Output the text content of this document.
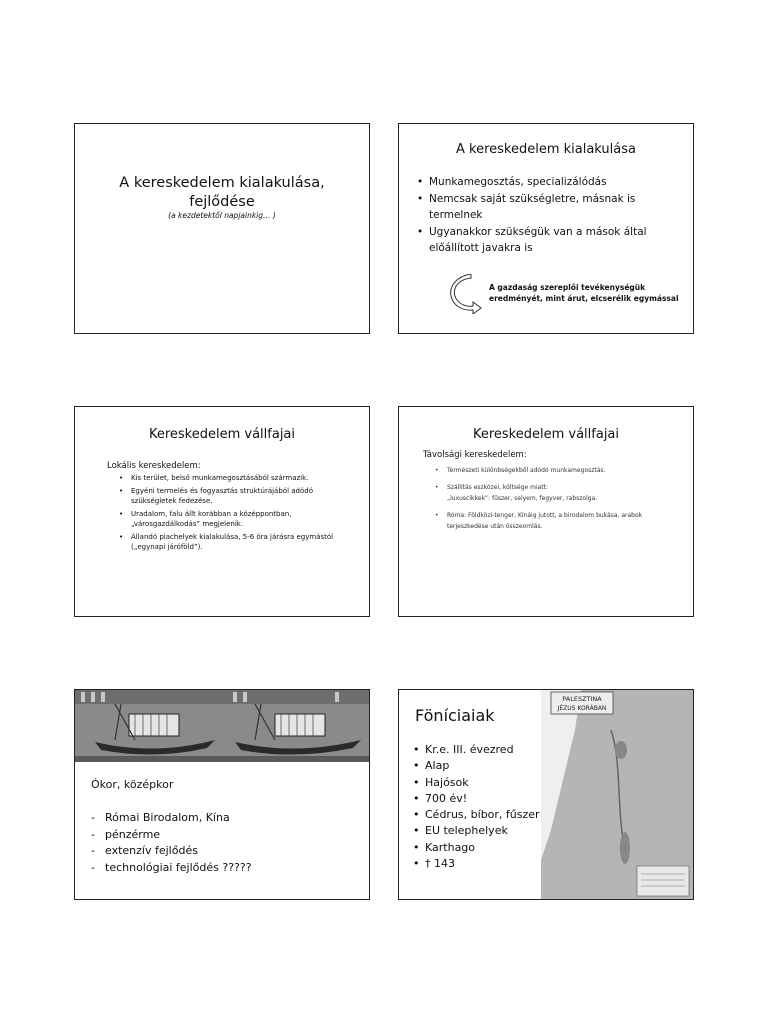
A kereskedelem kialakulása,
fejlődése
(a kezdetektől napjainkig… )
A kereskedelem kialakulása
• Munkamegosztás, specializálódás
• Nemcsak saját szükségletre, másnak is termelnek
• Ugyanakkor szükségük van a mások által előállított javakra is
A gazdaság szereplői tevékenységük eredményét, mint árut, elcserélik egymással
Kereskedelem vállfajai
Lokális kereskedelem:
• Kis terület, belső munkamegosztásából származik.
• Egyéni termelés és fogyasztás struktúrájából adódó szükségletek fedezése.
• Uradalom, falu állt korábban a középpontban, „városgazdálkodás” megjelenik.
• Állandó piachelyek kialakulása, 5-6 óra járásra egymástól („egynapi járóföld”).
Kereskedelem vállfajai
Távolsági kereskedelem:
• Természeti különbségekből adódó munkamegosztás.
• Szállítás eszközei, költsége miatt:
„luxuscikkek”: fűszer, selyem, fegyver, rabszolga.
• Róma: Földközi-tenger, Kínáig jutott, a birodalom bukása, arabok
terjeszkedése után összeomlás.
Ókor, középkor
- Római Birodalom, Kína
- pénzérme
- extenzív fejlődés
- technológiai fejlődés ?????
Föníciaiak
• Kr.e. III. évezred
• Alap
• Hajósok
• 700 év!
• Cédrus, bíbor, fűszer
• EU telephelyek
• Karthago
• † 143
PALESZTINA
JÉZUS KORÁBAN
